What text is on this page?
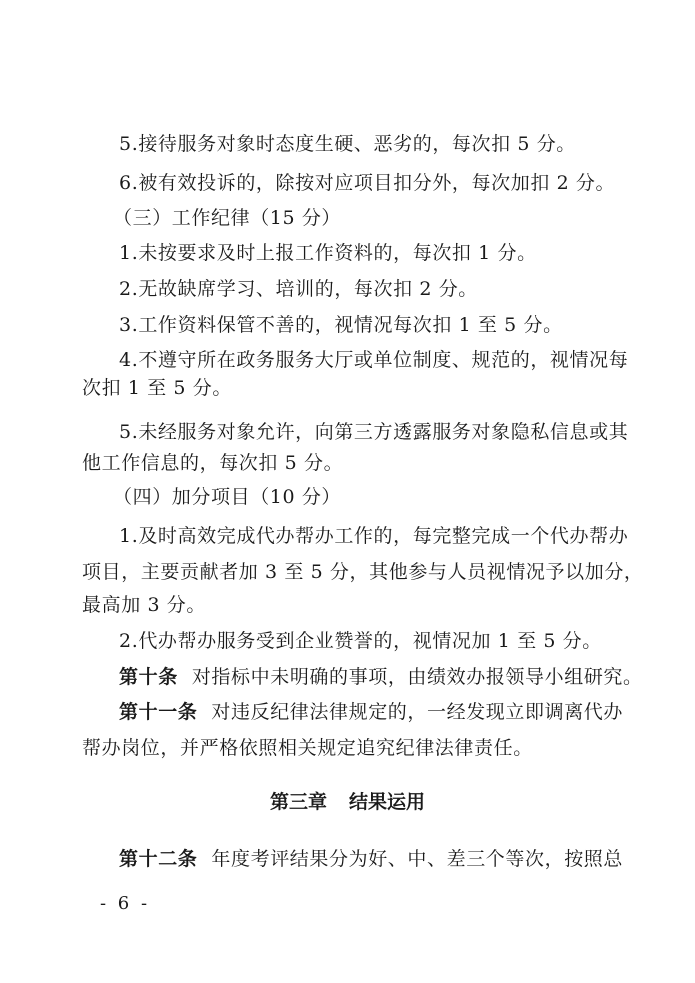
5.接待服务对象时态度生硬、恶劣的，每次扣 5 分。
6.被有效投诉的，除按对应项目扣分外，每次加扣 2 分。
（三）工作纪律（15 分）
1.未按要求及时上报工作资料的，每次扣 1 分。
2.无故缺席学习、培训的，每次扣 2 分。
3.工作资料保管不善的，视情况每次扣 1 至 5 分。
4.不遵守所在政务服务大厅或单位制度、规范的，视情况每
次扣 1 至 5 分。
5.未经服务对象允许，向第三方透露服务对象隐私信息或其
他工作信息的，每次扣 5 分。
（四）加分项目（10 分）
1.及时高效完成代办帮办工作的，每完整完成一个代办帮办
项目，主要贡献者加 3 至 5 分，其他参与人员视情况予以加分，
最高加 3 分。
2.代办帮办服务受到企业赞誉的，视情况加 1 至 5 分。
第十条 对指标中未明确的事项，由绩效办报领导小组研究。
第十一条 对违反纪律法律规定的，一经发现立即调离代办
帮办岗位，并严格依照相关规定追究纪律法律责任。
第三章 结果运用
第十二条 年度考评结果分为好、中、差三个等次，按照总
- 6 -
